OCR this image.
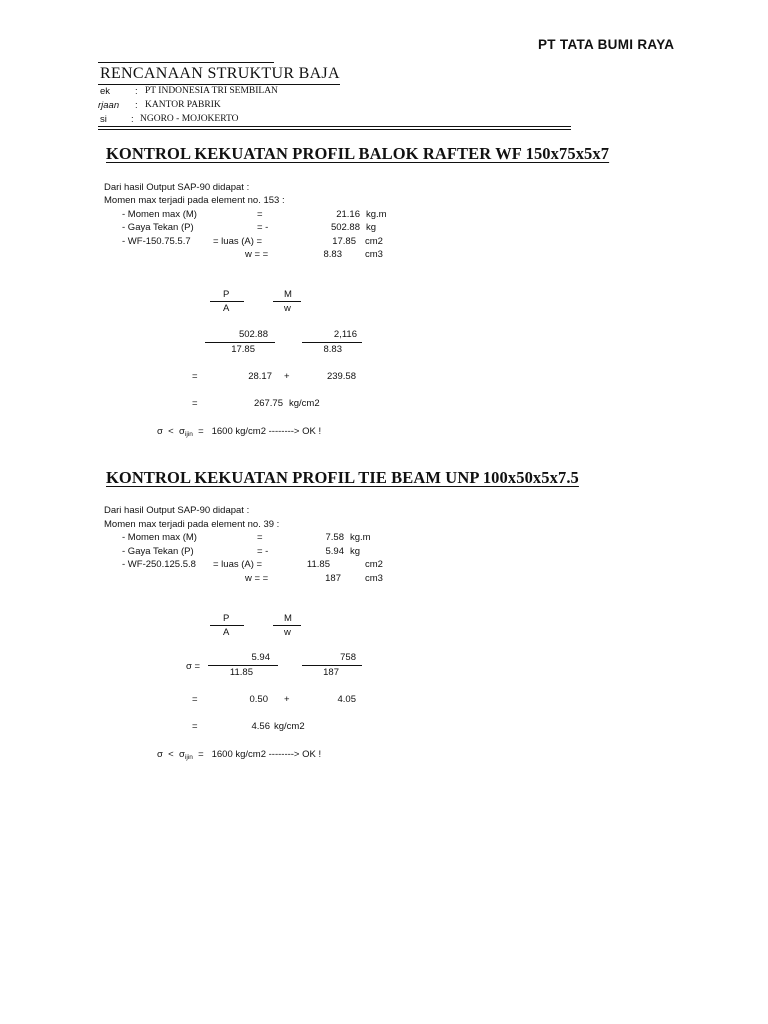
PT TATA BUMI RAYA
RENCANAAN STRUKTUR BAJA
ek	: PT INDONESIA TRI SEMBILAN
rjaan : KANTOR PABRIK
si	: NGORO - MOJOKERTO
KONTROL KEKUATAN PROFIL BALOK RAFTER WF 150x75x5x7
Dari hasil Output SAP-90 didapat :
Momen max terjadi pada element no. 153 :
- Momen max (M)	=	21.16 kg.m
- Gaya Tekan (P)	= -	502.88 kg
- WF-150.75.5.7 = luas (A) =	17.85 cm2
w = =	8.83 cm3
P
A
M
w
502.88
17.85
2,116
8.83
=	28.17 +	239.58
=	267.75 kg/cm2
$\sigma < \sigma_{ijin} = 1600$ kg/cm2 --------> OK !
KONTROL KEKUATAN PROFIL TIE BEAM UNP 100x50x5x7.5
Dari hasil Output SAP-90 didapat :
Momen max terjadi pada element no. 39 :
- Momen max (M)	=	7.58 kg.m
- Gaya Tekan (P)	= -	5.94 kg
- WF-250.125.5.8 = luas (A) =	11.85	cm2
w = =	187	cm3
P
A
M
w
σ =
5.94
11.85
758
187
=	0.50 +	4.05
=	4.56 kg/cm2
$\sigma < \sigma_{ijin} = 1600$ kg/cm2 --------> OK !
